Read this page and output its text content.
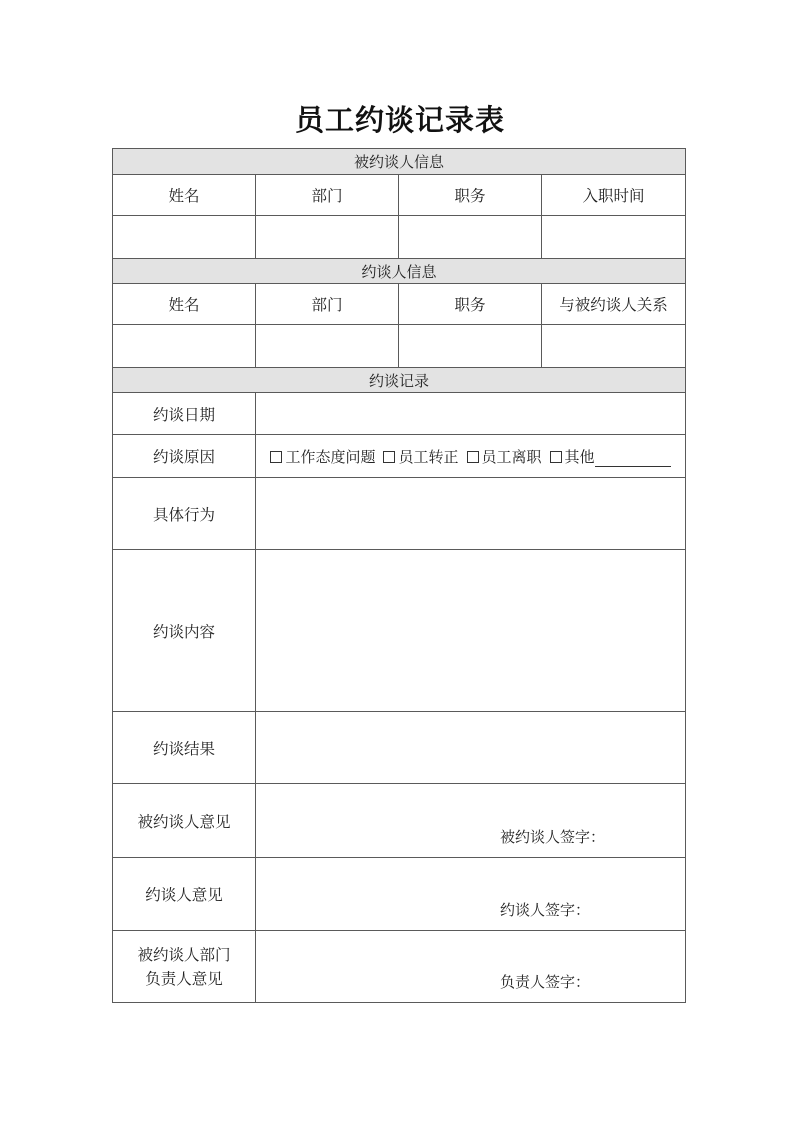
员工约谈记录表
被约谈人信息			
姓名	部门	职务	入职时间

约谈人信息			
姓名	部门	职务	与被约谈人关系

约谈记录			
约谈日期			
约谈原因	工作态度问题 员工转正 员工离职 其他		
具体行为			
约谈内容			
约谈结果			
被约谈人意见	被约谈人签字：		

约谈人意见	约谈人签字：		

被约谈人部门
负责人意见	负责人签字：		
